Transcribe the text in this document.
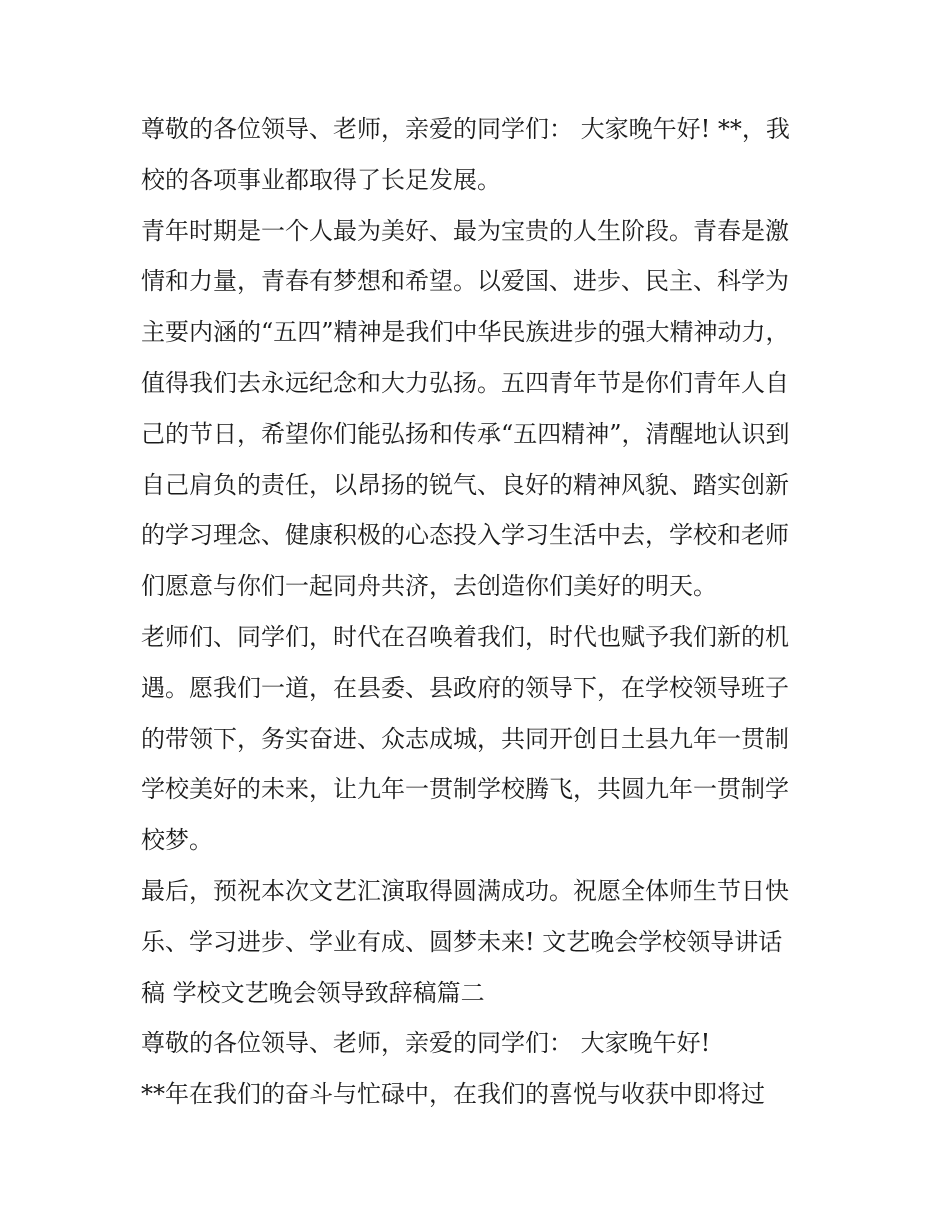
尊敬的各位领导、老师，亲爱的同学们： 大家晚午好! **，我
校的各项事业都取得了长足发展。
青年时期是一个人最为美好、最为宝贵的人生阶段。青春是激
情和力量，青春有梦想和希望。以爱国、进步、民主、科学为
主要内涵的“五四”精神是我们中华民族进步的强大精神动力，
值得我们去永远纪念和大力弘扬。五四青年节是你们青年人自
己的节日，希望你们能弘扬和传承“五四精神”，清醒地认识到
自己肩负的责任，以昂扬的锐气、良好的精神风貌、踏实创新
的学习理念、健康积极的心态投入学习生活中去，学校和老师
们愿意与你们一起同舟共济，去创造你们美好的明天。
老师们、同学们，时代在召唤着我们，时代也赋予我们新的机
遇。愿我们一道，在县委、县政府的领导下，在学校领导班子
的带领下，务实奋进、众志成城，共同开创日土县九年一贯制
学校美好的未来，让九年一贯制学校腾飞，共圆九年一贯制学
校梦。
最后，预祝本次文艺汇演取得圆满成功。祝愿全体师生节日快
乐、学习进步、学业有成、圆梦未来! 文艺晚会学校领导讲话
稿 学校文艺晚会领导致辞稿篇二
尊敬的各位领导、老师，亲爱的同学们： 大家晚午好!
**年在我们的奋斗与忙碌中，在我们的喜悦与收获中即将过
